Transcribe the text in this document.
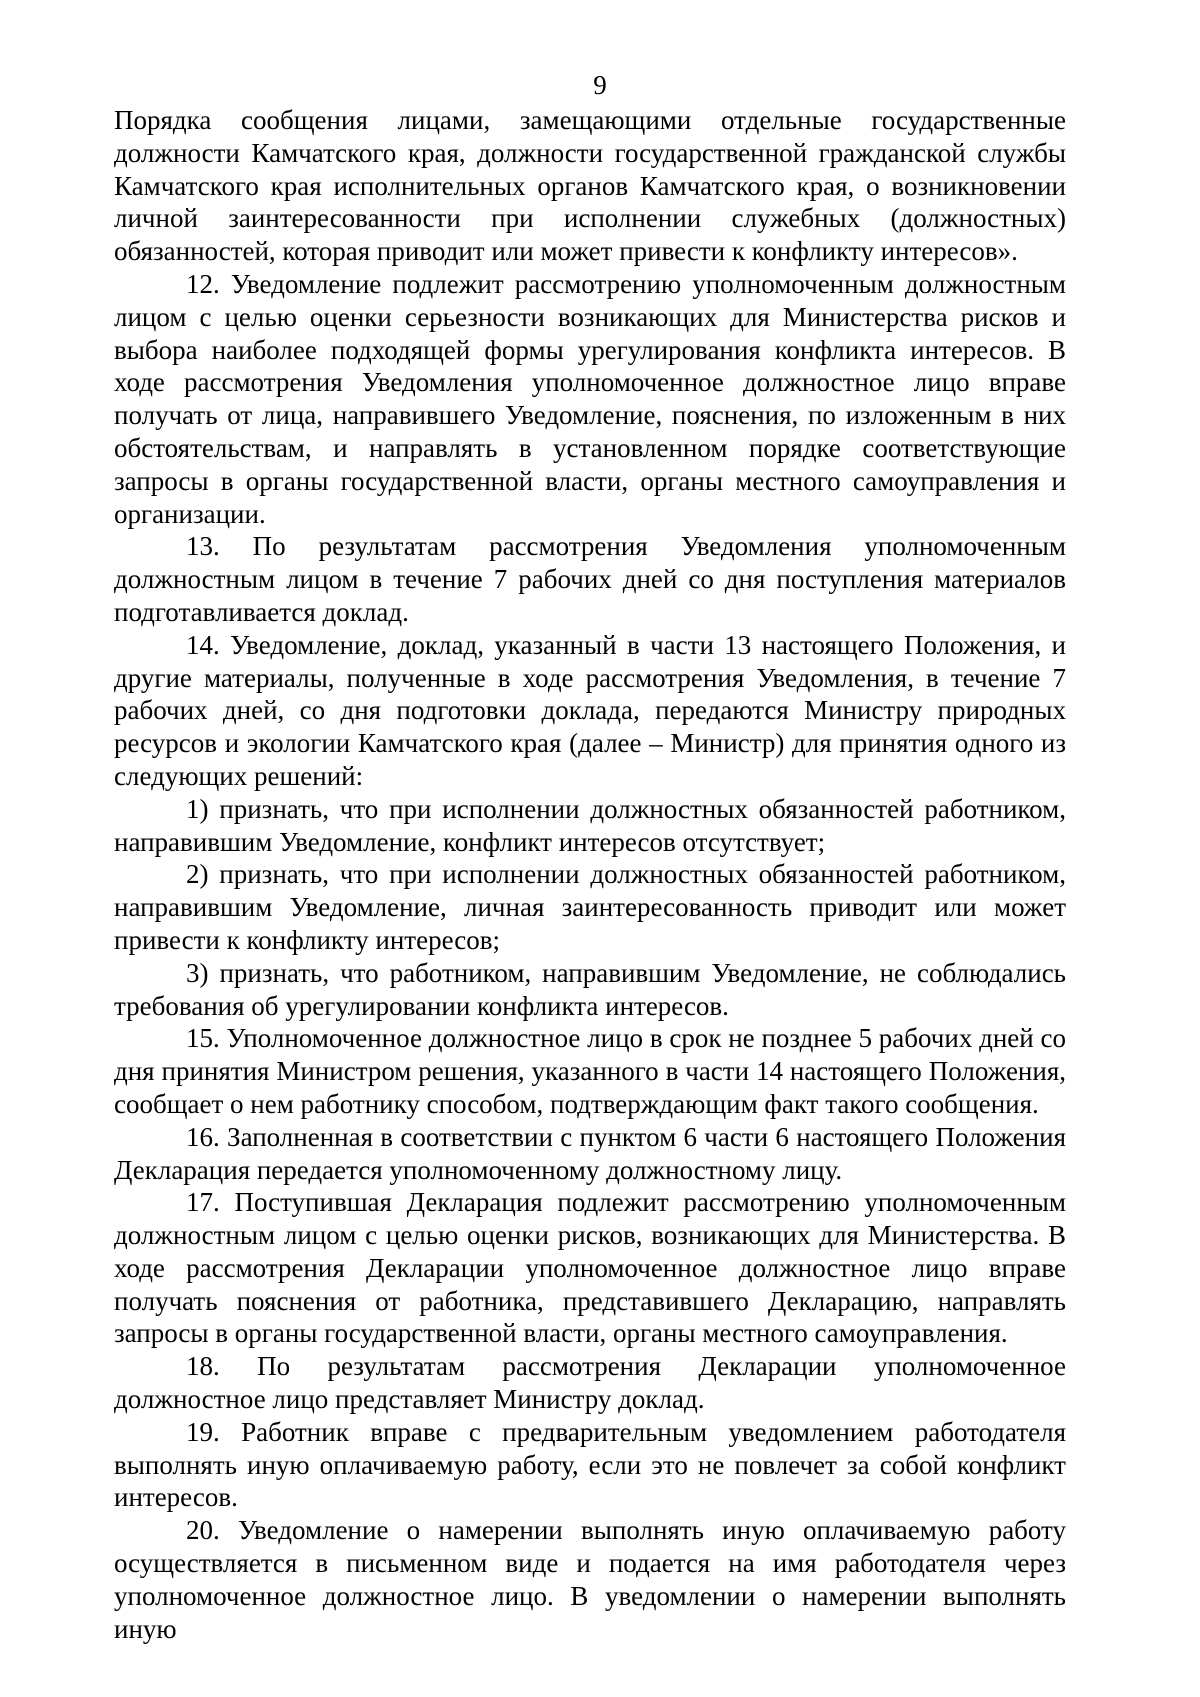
9

Порядка сообщения лицами, замещающими отдельные государственные должности Камчатского края, должности государственной гражданской службы Камчатского края исполнительных органов Камчатского края, о возникновении личной заинтересованности при исполнении служебных (должностных) обязанностей, которая приводит или может привести к конфликту интересов».

12. Уведомление подлежит рассмотрению уполномоченным должностным лицом с целью оценки серьезности возникающих для Министерства рисков и выбора наиболее подходящей формы урегулирования конфликта интересов. В ходе рассмотрения Уведомления уполномоченное должностное лицо вправе получать от лица, направившего Уведомление, пояснения, по изложенным в них обстоятельствам, и направлять в установленном порядке соответствующие запросы в органы государственной власти, органы местного самоуправления и организации.

13. По результатам рассмотрения Уведомления уполномоченным должностным лицом в течение 7 рабочих дней со дня поступления материалов подготавливается доклад.

14. Уведомление, доклад, указанный в части 13 настоящего Положения, и другие материалы, полученные в ходе рассмотрения Уведомления, в течение 7 рабочих дней, со дня подготовки доклада, передаются Министру природных ресурсов и экологии Камчатского края (далее – Министр) для принятия одного из следующих решений:

1) признать, что при исполнении должностных обязанностей работником, направившим Уведомление, конфликт интересов отсутствует;

2) признать, что при исполнении должностных обязанностей работником, направившим Уведомление, личная заинтересованность приводит или может привести к конфликту интересов;

3) признать, что работником, направившим Уведомление, не соблюдались требования об урегулировании конфликта интересов.

15. Уполномоченное должностное лицо в срок не позднее 5 рабочих дней со дня принятия Министром решения, указанного в части 14 настоящего Положения, сообщает о нем работнику способом, подтверждающим факт такого сообщения.

16. Заполненная в соответствии с пунктом 6 части 6 настоящего Положения Декларация передается уполномоченному должностному лицу.

17. Поступившая Декларация подлежит рассмотрению уполномоченным должностным лицом с целью оценки рисков, возникающих для Министерства. В ходе рассмотрения Декларации уполномоченное должностное лицо вправе получать пояснения от работника, представившего Декларацию, направлять запросы в органы государственной власти, органы местного самоуправления.

18. По результатам рассмотрения Декларации уполномоченное должностное лицо представляет Министру доклад.

19. Работник вправе с предварительным уведомлением работодателя выполнять иную оплачиваемую работу, если это не повлечет за собой конфликт интересов.

20. Уведомление о намерении выполнять иную оплачиваемую работу осуществляется в письменном виде и подается на имя работодателя через уполномоченное должностное лицо. В уведомлении о намерении выполнять иную
